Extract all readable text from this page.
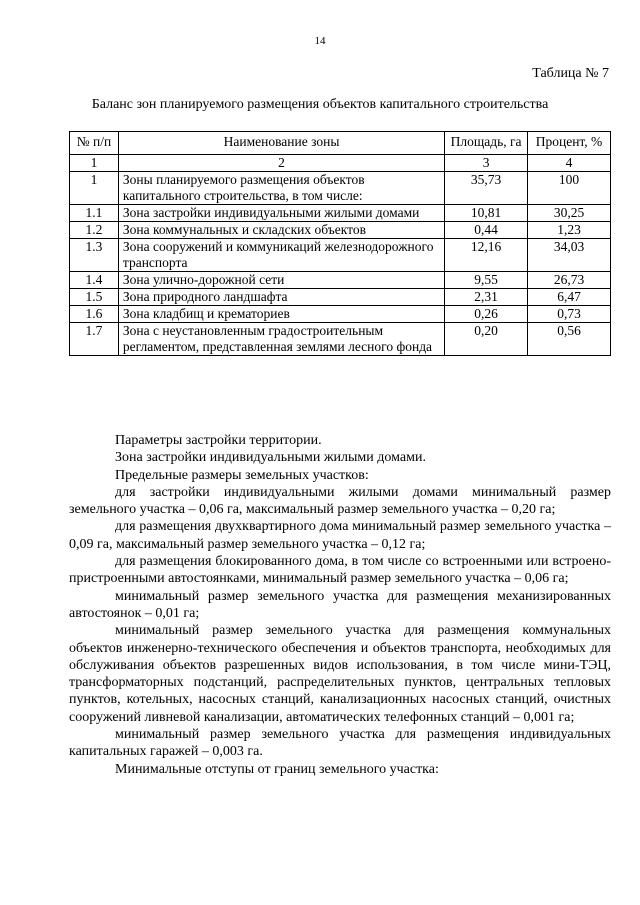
14
Таблица № 7
Баланс зон планируемого размещения объектов капитального строительства
№ п/п	Наименование зоны	Площадь, га	Процент, %
1	2	3	4
1	Зоны планируемого размещения объектов капитального строительства, в том числе:	35,73	100
1.1	Зона застройки индивидуальными жилыми домами	10,81	30,25
1.2	Зона коммунальных и складских объектов	0,44	1,23
1.3	Зона сооружений и коммуникаций железнодорожного транспорта	12,16	34,03
1.4	Зона улично-дорожной сети	9,55	26,73
1.5	Зона природного ландшафта	2,31	6,47
1.6	Зона кладбищ и крематориев	0,26	0,73
1.7	Зона с неустановленным градостроительным регламентом, представленная землями лесного фонда	0,20	0,56

Параметры застройки территории.

Зона застройки индивидуальными жилыми домами.

Предельные размеры земельных участков:

для застройки индивидуальными жилыми домами минимальный размер земельного участка – 0,06 га, максимальный размер земельного участка – 0,20 га;

для размещения двухквартирного дома минимальный размер земельного участка – 0,09 га, максимальный размер земельного участка – 0,12 га;

для размещения блокированного дома, в том числе со встроенными или встроено-пристроенными автостоянками, минимальный размер земельного участка – 0,06 га;

минимальный размер земельного участка для размещения механизированных автостоянок – 0,01 га;

минимальный размер земельного участка для размещения коммунальных объектов инженерно-технического обеспечения и объектов транспорта, необходимых для обслуживания объектов разрешенных видов использования, в том числе мини-ТЭЦ, трансформаторных подстанций, распределительных пунктов, центральных тепловых пунктов, котельных, насосных станций, канализационных насосных станций, очистных сооружений ливневой канализации, автоматических телефонных станций – 0,001 га;

минимальный размер земельного участка для размещения индивидуальных капитальных гаражей – 0,003 га.

Минимальные отступы от границ земельного участка:
